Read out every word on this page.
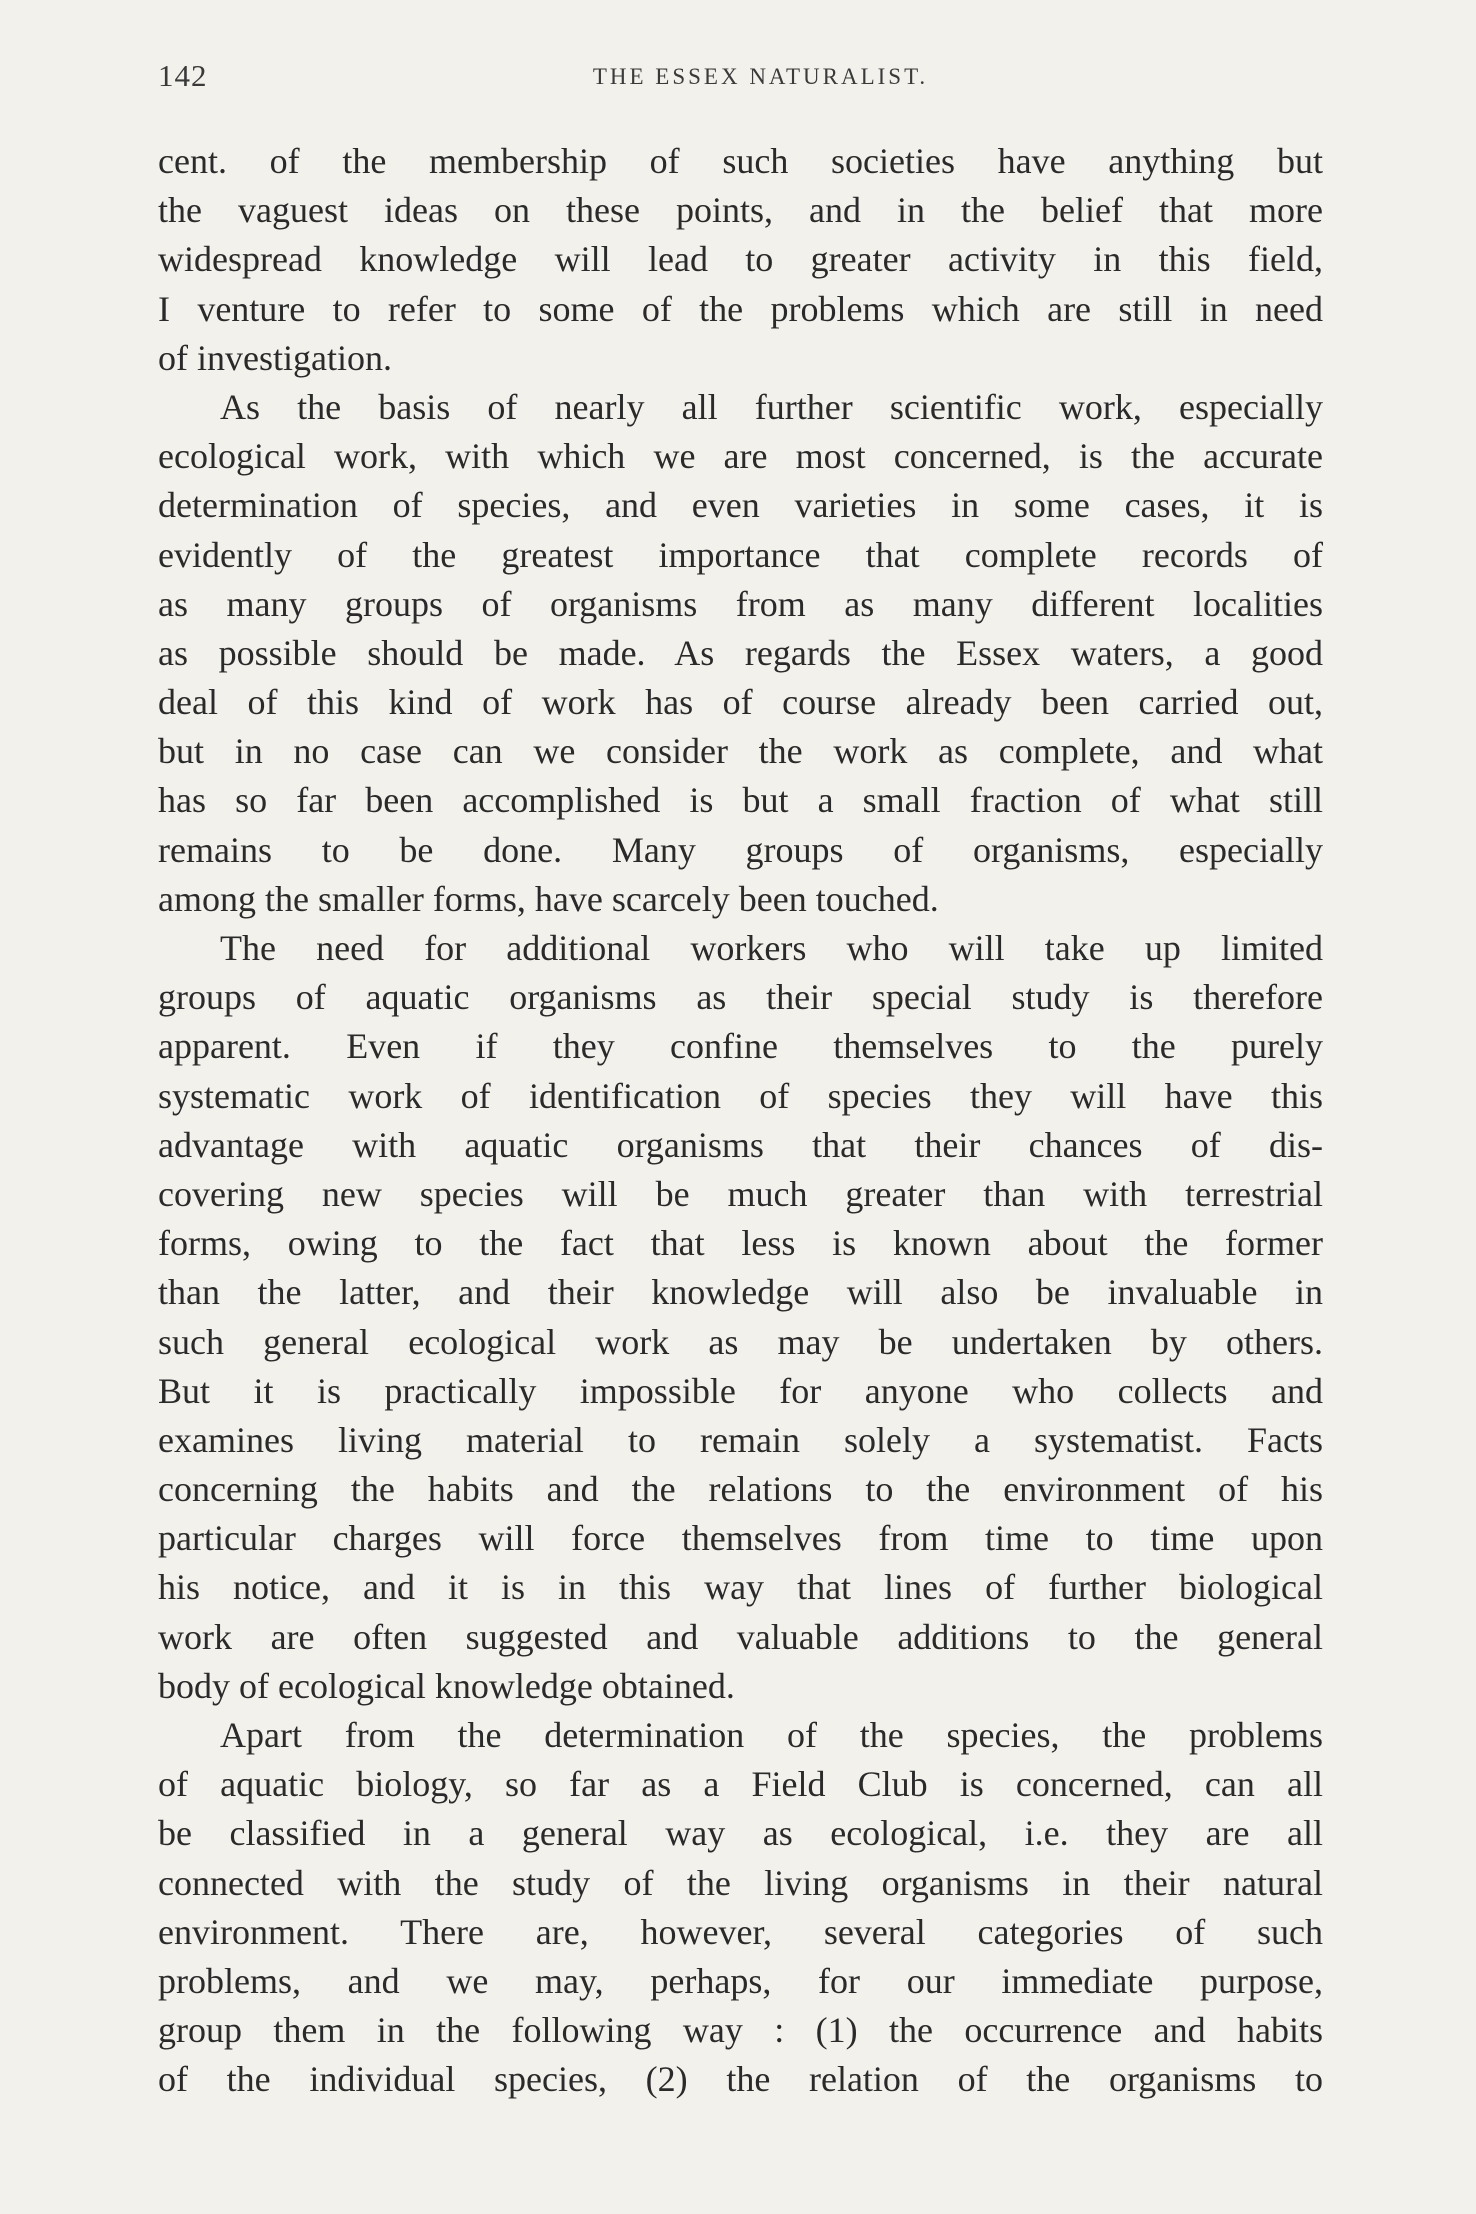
142	THE ESSEX NATURALIST.
cent. of the membership of such societies have anything but
the vaguest ideas on these points, and in the belief that more
widespread knowledge will lead to greater activity in this field,
I venture to refer to some of the problems which are still in need
of investigation.
As the basis of nearly all further scientific work, especially
ecological work, with which we are most concerned, is the accurate
determination of species, and even varieties in some cases, it is
evidently of the greatest importance that complete records of
as many groups of organisms from as many different localities
as possible should be made. As regards the Essex waters, a good
deal of this kind of work has of course already been carried out,
but in no case can we consider the work as complete, and what
has so far been accomplished is but a small fraction of what still
remains to be done. Many groups of organisms, especially
among the smaller forms, have scarcely been touched.
The need for additional workers who will take up limited
groups of aquatic organisms as their special study is therefore
apparent. Even if they confine themselves to the purely
systematic work of identification of species they will have this
advantage with aquatic organisms that their chances of dis-
covering new species will be much greater than with terrestrial
forms, owing to the fact that less is known about the former
than the latter, and their knowledge will also be invaluable in
such general ecological work as may be undertaken by others.
But it is practically impossible for anyone who collects and
examines living material to remain solely a systematist. Facts
concerning the habits and the relations to the environment of his
particular charges will force themselves from time to time upon
his notice, and it is in this way that lines of further biological
work are often suggested and valuable additions to the general
body of ecological knowledge obtained.
Apart from the determination of the species, the problems
of aquatic biology, so far as a Field Club is concerned, can all
be classified in a general way as ecological, i.e. they are all
connected with the study of the living organisms in their natural
environment. There are, however, several categories of such
problems, and we may, perhaps, for our immediate purpose,
group them in the following way : (1) the occurrence and habits
of the individual species, (2) the relation of the organisms to
